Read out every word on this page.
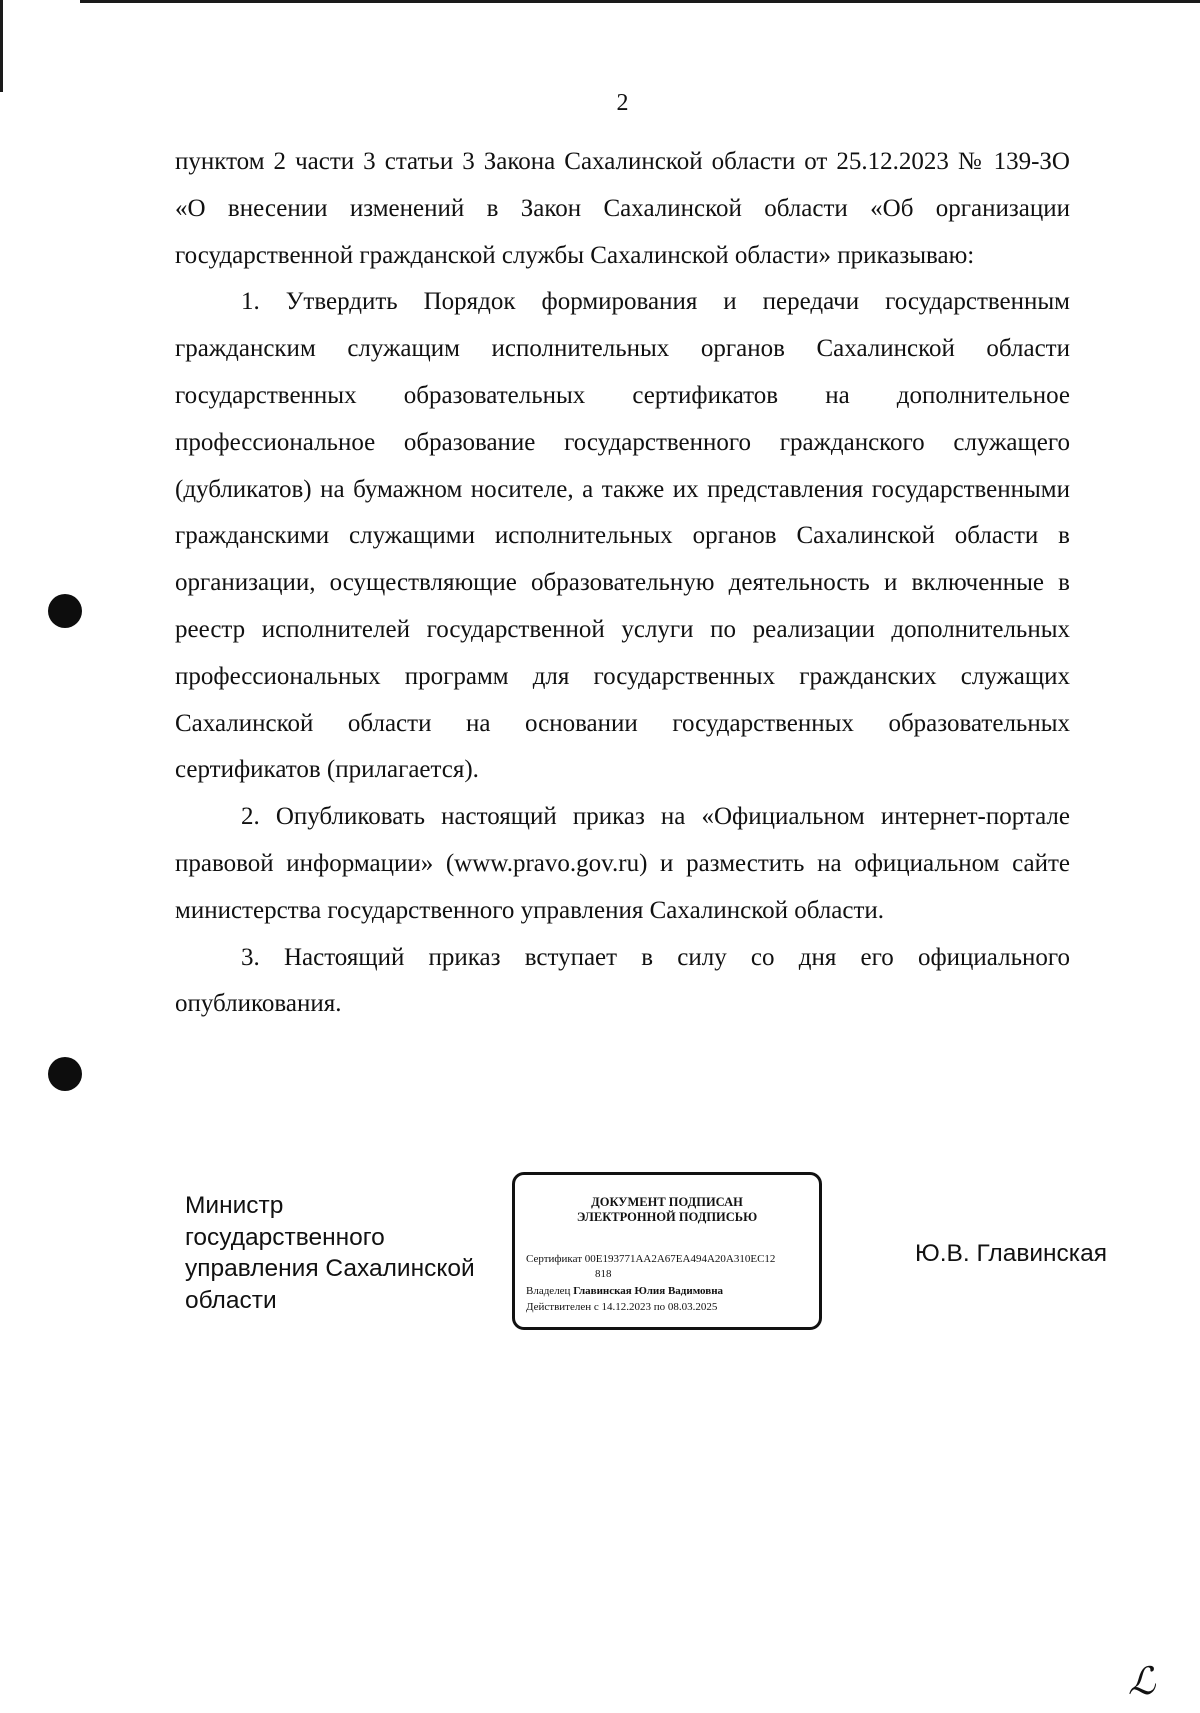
2

пунктом 2 части 3 статьи 3 Закона Сахалинской области от 25.12.2023 № 139-ЗО «О внесении изменений в Закон Сахалинской области «Об организации государственной гражданской службы Сахалинской области» приказываю:

1. Утвердить Порядок формирования и передачи государственным гражданским служащим исполнительных органов Сахалинской области государственных образовательных сертификатов на дополнительное профессиональное образование государственного гражданского служащего (дубликатов) на бумажном носителе, а также их представления государственными гражданскими служащими исполнительных органов Сахалинской области в организации, осуществляющие образовательную деятельность и включенные в реестр исполнителей государственной услуги по реализации дополнительных профессиональных программ для государственных гражданских служащих Сахалинской области на основании государственных образовательных сертификатов (прилагается).

2. Опубликовать настоящий приказ на «Официальном интернет-портале правовой информации» (www.pravo.gov.ru) и разместить на официальном сайте министерства государственного управления Сахалинской области.

3. Настоящий приказ вступает в силу со дня его официального опубликования.

Министр
государственного
управления Сахалинской
области
ДОКУМЕНТ ПОДПИСАН
ЭЛЕКТРОННОЙ ПОДПИСЬЮ
Сертификат 00E193771AA2A67EA494A20A310EC12
818
Владелец Главинская Юлия Вадимовна
Действителен с 14.12.2023 по 08.03.2025
Ю.В. Главинская
ℒ
